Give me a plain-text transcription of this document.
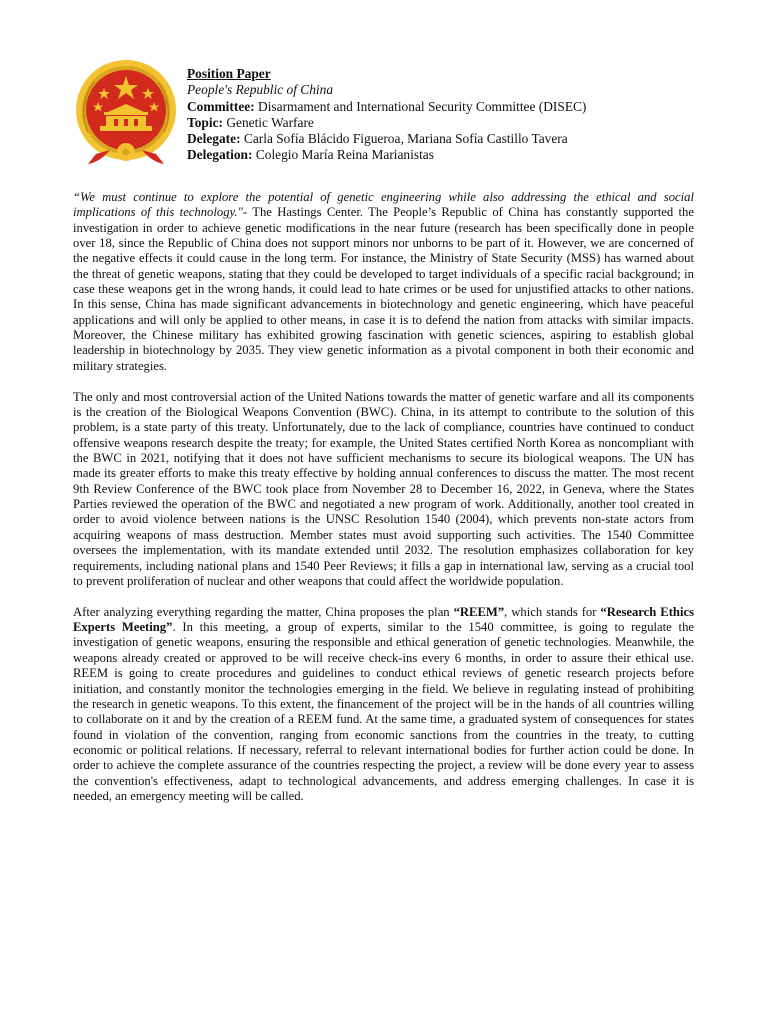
Position Paper
People's Republic of China
Committee: Disarmament and International Security Committee (DISEC)
Topic: Genetic Warfare
Delegate: Carla Sofía Blácido Figueroa, Mariana Sofía Castillo Tavera
Delegation: Colegio María Reina Marianistas

“We must continue to explore the potential of genetic engineering while also addressing the ethical and social implications of this technology."- The Hastings Center. The People’s Republic of China has constantly supported the investigation in order to achieve genetic modifications in the near future (research has been specifically done in people over 18, since the Republic of China does not support minors nor unborns to be part of it. However, we are concerned of the negative effects it could cause in the long term. For instance, the Ministry of State Security (MSS) has warned about the threat of genetic weapons, stating that they could be developed to target individuals of a specific racial background; in case these weapons get in the wrong hands, it could lead to hate crimes or be used for unjustified attacks to other nations. In this sense, China has made significant advancements in biotechnology and genetic engineering, which have peaceful applications and will only be applied to other means, in case it is to defend the nation from attacks with similar impacts. Moreover, the Chinese military has exhibited growing fascination with genetic sciences, aspiring to establish global leadership in biotechnology by 2035. They view genetic information as a pivotal component in both their economic and military strategies.

The only and most controversial action of the United Nations towards the matter of genetic warfare and all its components is the creation of the Biological Weapons Convention (BWC). China, in its attempt to contribute to the solution of this problem, is a state party of this treaty. Unfortunately, due to the lack of compliance, countries have continued to conduct offensive weapons research despite the treaty; for example, the United States certified North Korea as noncompliant with the BWC in 2021, notifying that it does not have sufficient mechanisms to secure its biological weapons. The UN has made its greater efforts to make this treaty effective by holding annual conferences to discuss the matter. The most recent 9th Review Conference of the BWC took place from November 28 to December 16, 2022, in Geneva, where the States Parties reviewed the operation of the BWC and negotiated a new program of work. Additionally, another tool created in order to avoid violence between nations is the UNSC Resolution 1540 (2004), which prevents non-state actors from acquiring weapons of mass destruction. Member states must avoid supporting such activities. The 1540 Committee oversees the implementation, with its mandate extended until 2032. The resolution emphasizes collaboration for key requirements, including national plans and 1540 Peer Reviews; it fills a gap in international law, serving as a crucial tool to prevent proliferation of nuclear and other weapons that could affect the worldwide population.

After analyzing everything regarding the matter, China proposes the plan “REEM”, which stands for “Research Ethics Experts Meeting”. In this meeting, a group of experts, similar to the 1540 committee, is going to regulate the investigation of genetic weapons, ensuring the responsible and ethical generation of genetic technologies. Meanwhile, the weapons already created or approved to be will receive check-ins every 6 months, in order to assure their ethical use. REEM is going to create procedures and guidelines to conduct ethical reviews of genetic research projects before initiation, and constantly monitor the technologies emerging in the field. We believe in regulating instead of prohibiting the research in genetic weapons. To this extent, the financement of the project will be in the hands of all countries willing to collaborate on it and by the creation of a REEM fund. At the same time, a graduated system of consequences for states found in violation of the convention, ranging from economic sanctions from the countries in the treaty, to cutting economic or political relations. If necessary, referral to relevant international bodies for further action could be done. In order to achieve the complete assurance of the countries respecting the project, a review will be done every year to assess the convention's effectiveness, adapt to technological advancements, and address emerging challenges. In case it is needed, an emergency meeting will be called.
